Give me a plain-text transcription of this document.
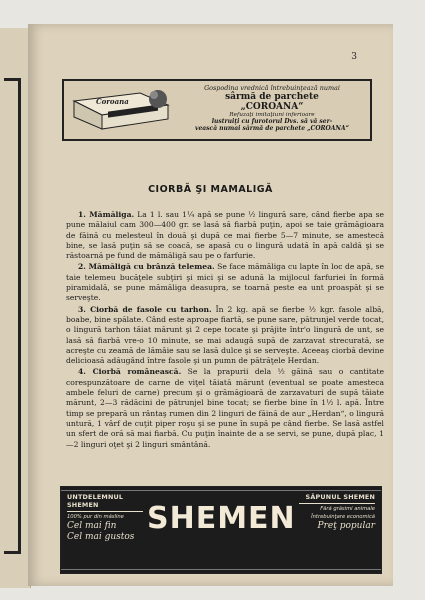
3
Coroana
Gospodina vrednică întrebuinţează numai
sârmă de parchete
„COROANA“
Refuzaţi imitaţiuni inferioare
lustruiţi cu furotorul Dvs. să vă ser-
veascǎ numai sârmă de parchete „COROANA“
CIORBĂ ŞI MAMALIGĂ

1. Mămăliga. La 1 l. sau 1¼ apă se pune ½ lingură sare, când fierbe apa se pune mălaiul cam 300—400 gr. se lasă să fiarbă puţin, apoi se taie grămăgioara de făină cu melesteul în două şi după ce mai fierbe 5—7 minute, se amestecă bine, se lasă puţin să se coacă, se apasă cu o lingură udată în apă caldă şi se răstoarnă pe fund de mămăligă sau pe o farfurie.

2. Mămăligă cu brânză telemea. Se face mămăliga cu lapte în loc de apă, se taie telemeu bucăţele subţiri şi mici şi se adună la mijlocul farfuriei în formă piramidală, se pune mămăliga deasupra, se toarnă peste ea unt proaspăt şi se serveşte.

3. Ciorbă de fasole cu tarhon. În 2 kg. apă se fierbe ½ kgr. fasole albă, boabe, bine spălate. Când este aproape fiartă, se pune sare, pătrunjel verde tocat, o lingură tarhon tăiat mărunt şi 2 cepe tocate şi prăjite într'o lingură de unt, se lasă să fiarbă vre-o 10 minute, se mai adaugă supă de zarzavat strecurată, se acreşte cu zeamă de lămâie sau se lasă dulce şi se serveşte. Aceeaş ciorbă devine delicioasă adăugând între fasole şi un pumn de pătrăţele Herdan.

4. Ciorbă românească. Se la prapurii dela ½ găină sau o cantitate corespunzătoare de carne de viţel tăiată mărunt (eventual se poate amesteca ambele feluri de carne) precum şi o grămăgioară de zarzavaturi de supă tăiate mărunt, 2—3 rădăcini de pătrunjel bine tocat; se fierbe bine în 1½ l. apă. Între timp se prepară un rântaş rumen din 2 linguri de făină de aur „Herdan“, o lingură untură, 1 vârf de cuţit piper roşu şi se pune în supă pe când fierbe. Se lasă astfel un sfert de oră să mai fiarbă. Cu puţin înainte de a se servi, se pune, după plac, 1—2 linguri oţet şi 2 linguri smântână.

UNTDELEMNUL SHEMEN
100% pur din măsline
Cel mai fin
Cel mai gustos
SHEMEN
SĂPUNUL SHEMEN
Fără grăsimi animale
Întrebuinţare economică
Preţ popular
